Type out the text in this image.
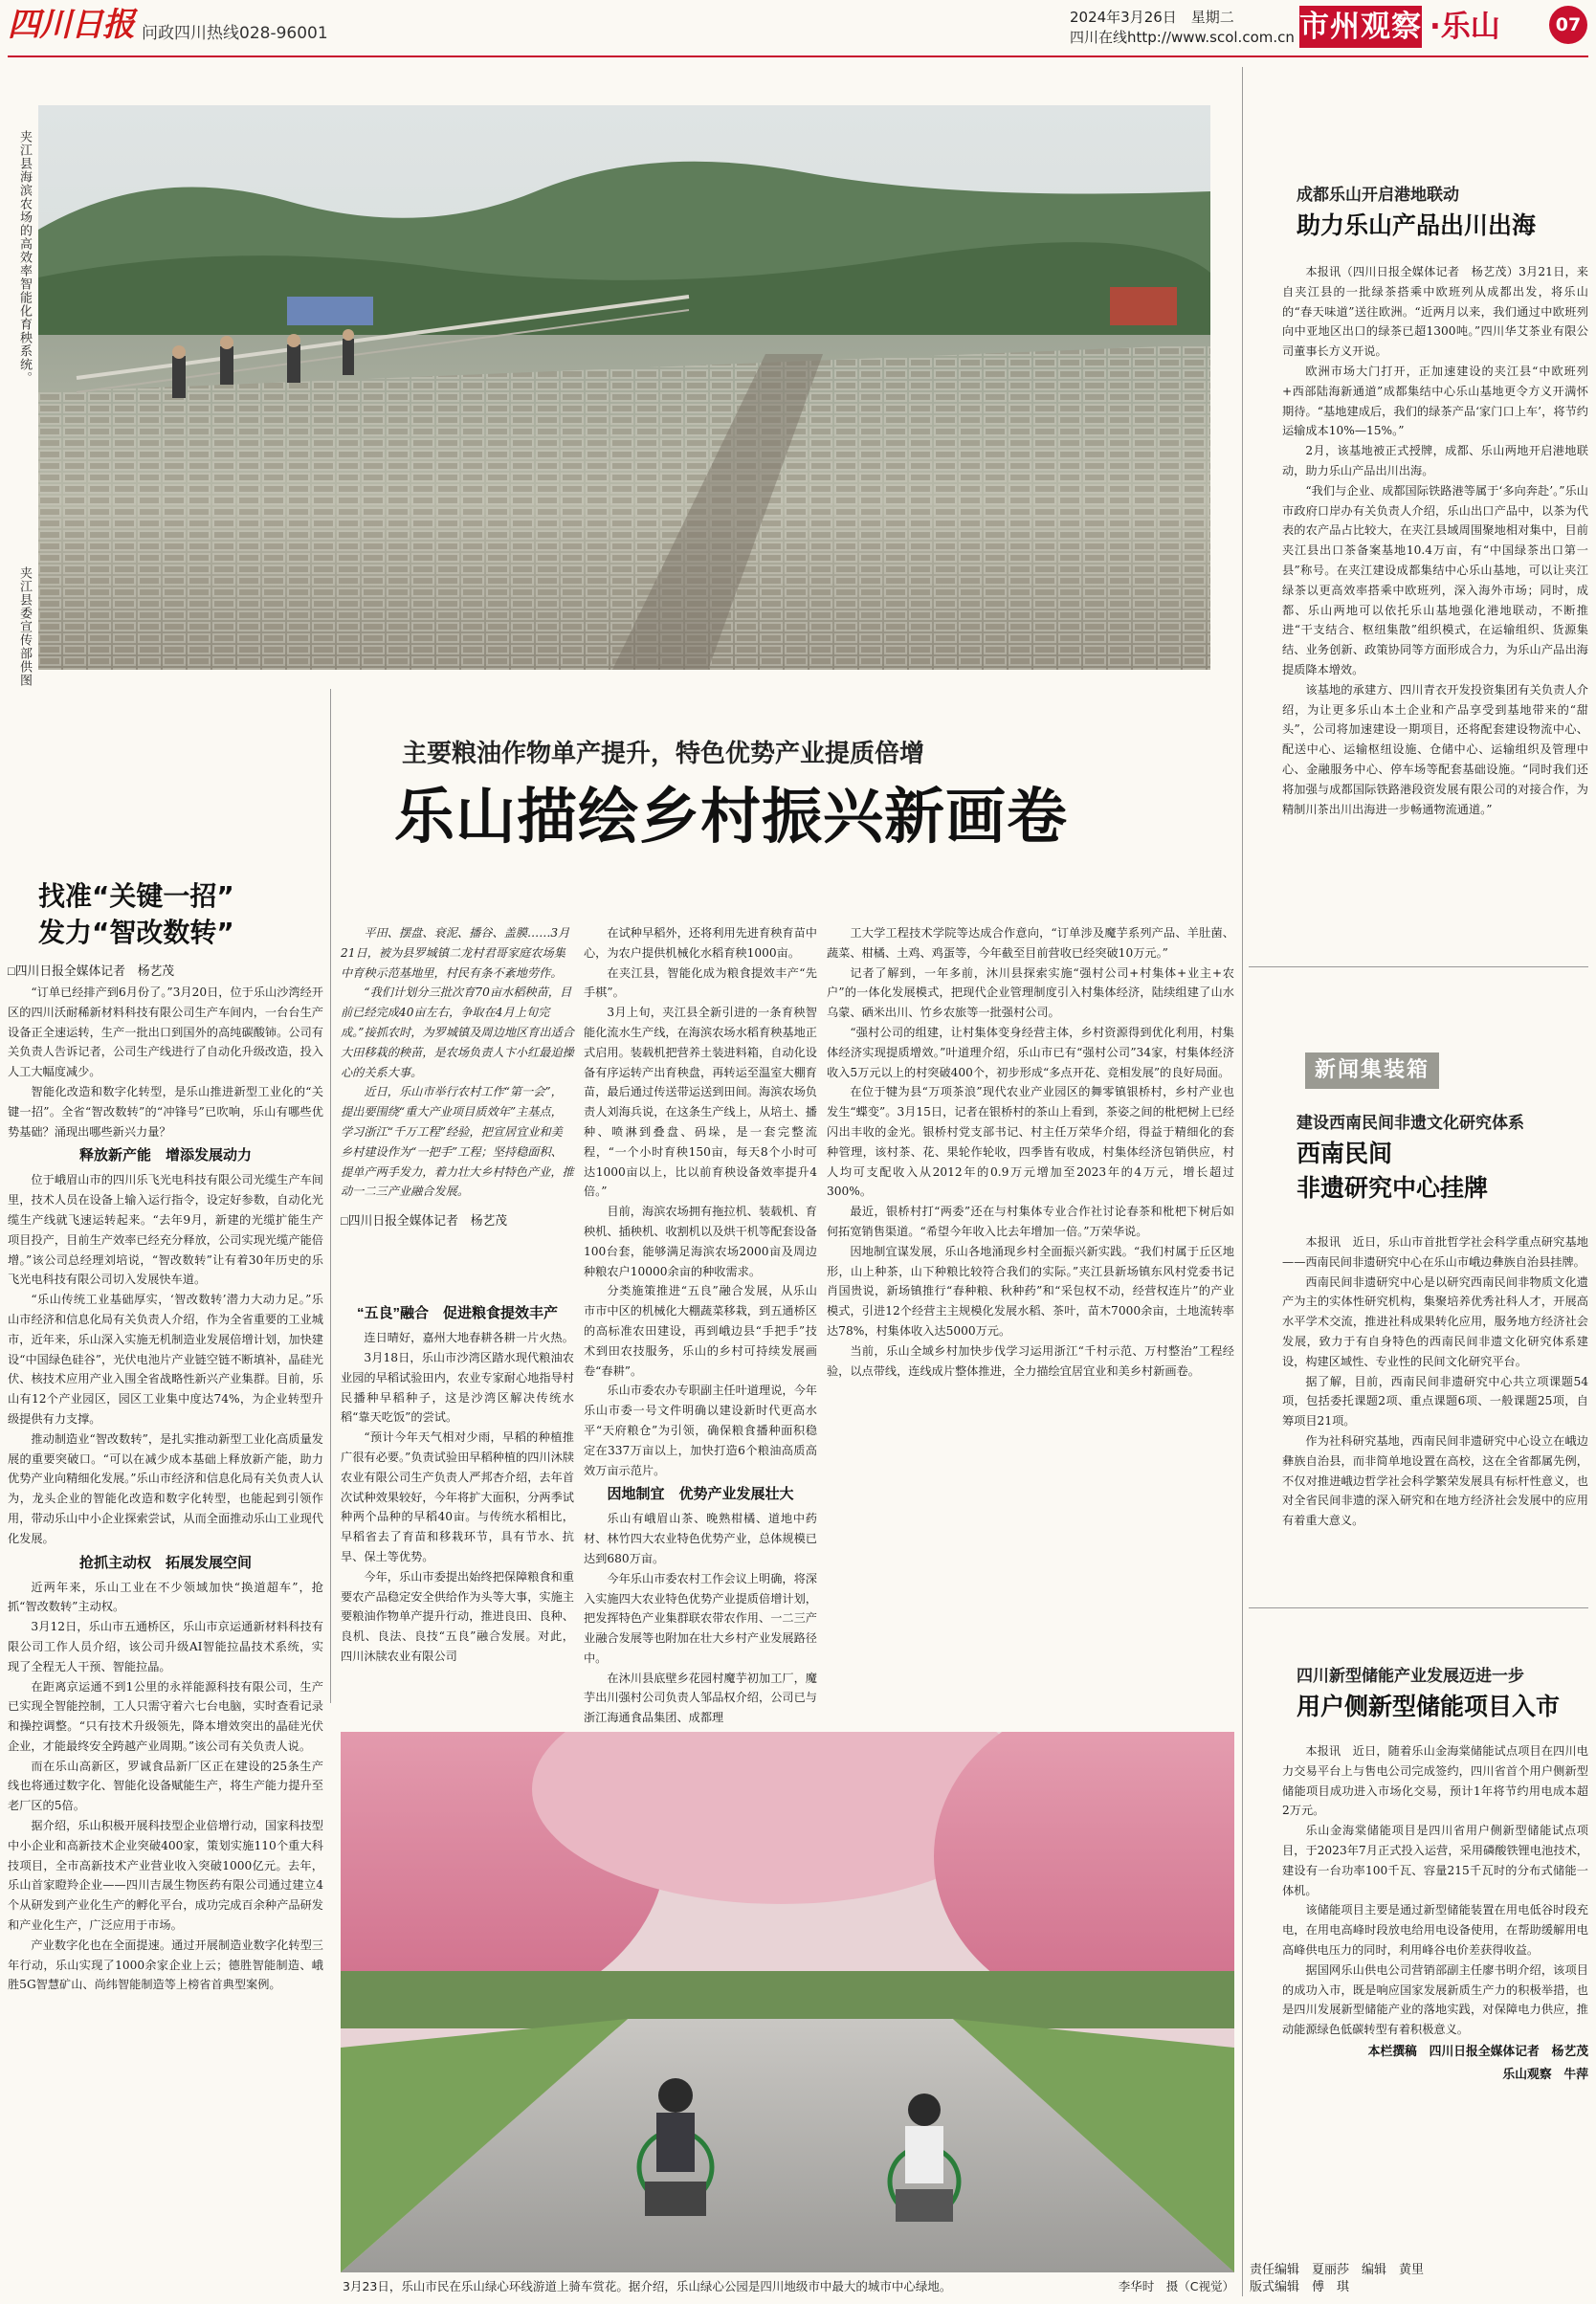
四川日报 问政四川热线028-96001
2024年3月26日　星期二
四川在线http://www.scol.com.cn 市州观察 ·乐山	07
夹江县海滨农场的高效率智能化育秧系统。
夹江县委宣传部供图
主要粮油作物单产提升，特色优势产业提质倍增
乐山描绘乡村振兴新画卷
找准“关键一招”
发力“智改数转”

□四川日报全媒体记者　杨艺茂

“订单已经排产到6月份了。”3月20日，位于乐山沙湾经开区的四川沃耐稀新材料科技有限公司生产车间内，一台台生产设备正全速运转，生产一批出口到国外的高纯碳酸铈。公司有关负责人告诉记者，公司生产线进行了自动化升级改造，投入人工大幅度减少。

智能化改造和数字化转型，是乐山推进新型工业化的“关键一招”。全省“智改数转”的“冲锋号”已吹响，乐山有哪些优势基础？涌现出哪些新兴力量？

释放新产能　增添发展动力

位于峨眉山市的四川乐飞光电科技有限公司光缆生产车间里，技术人员在设备上输入运行指令，设定好参数，自动化光缆生产线就飞速运转起来。“去年9月，新建的光缆扩能生产项目投产，目前生产效率已经充分释放，公司实现光缆产能倍增。”该公司总经理刘培说，“智改数转”让有着30年历史的乐飞光电科技有限公司切入发展快车道。

“乐山传统工业基础厚实，‘智改数转’潜力大动力足。”乐山市经济和信息化局有关负责人介绍，作为全省重要的工业城市，近年来，乐山深入实施无机制造业发展倍增计划，加快建设“中国绿色硅谷”，光伏电池片产业链空链不断填补，晶硅光伏、核技术应用产业入围全省战略性新兴产业集群。目前，乐山有12个产业园区，园区工业集中度达74%，为企业转型升级提供有力支撑。

推动制造业“智改数转”，是扎实推动新型工业化高质量发展的重要突破口。“可以在减少成本基础上释放新产能，助力优势产业向精细化发展。”乐山市经济和信息化局有关负责人认为，龙头企业的智能化改造和数字化转型，也能起到引领作用，带动乐山中小企业探索尝试，从而全面推动乐山工业现代化发展。

抢抓主动权　拓展发展空间

近两年来，乐山工业在不少领域加快“换道超车”，抢抓“智改数转”主动权。

3月12日，乐山市五通桥区，乐山市京运通新材料科技有限公司工作人员介绍，该公司升级AI智能拉晶技术系统，实现了全程无人干预、智能拉晶。

在距离京运通不到1公里的永祥能源科技有限公司，生产已实现全智能控制，工人只需守着六七台电脑，实时查看记录和操控调整。“只有技术升级领先，降本增效突出的晶硅光伏企业，才能最终安全跨越产业周期。”该公司有关负责人说。

而在乐山高新区，罗诚食品新厂区正在建设的25条生产线也将通过数字化、智能化设备赋能生产，将生产能力提升至老厂区的5倍。

据介绍，乐山积极开展科技型企业倍增行动，国家科技型中小企业和高新技术企业突破400家，策划实施110个重大科技项目，全市高新技术产业营业收入突破1000亿元。去年，乐山首家瞪羚企业——四川吉晟生物医药有限公司通过建立4个从研发到产业化生产的孵化平台，成功完成百余种产品研发和产业化生产，广泛应用于市场。

产业数字化也在全面提速。通过开展制造业数字化转型三年行动，乐山实现了1000余家企业上云；德胜智能制造、峨胜5G智慧矿山、尚纬智能制造等上榜省首典型案例。

平田、摆盘、衰泥、播谷、盖膜……3月21日，被为县罗城镇二龙村君哥家庭农场集中育秧示范基地里，村民有条不紊地劳作。

“我们计划分三批次育70亩水稻秧苗，目前已经完成40亩左右，争取在4月上旬完成。”接抓农时，为罗城镇及周边地区育出适合大田移栽的秧苗，是农场负责人卞小红最迫操心的关系大事。

近日，乐山市举行农村工作“第一会”，提出要围绕“重大产业项目质效年”主基点，学习浙江“千万工程”经验，把宣居宜业和美乡村建设作为“一把手”工程；坚持稳面积、提单产两手发力，着力壮大乡村特色产业，推动一二三产业融合发展。

□四川日报全媒体记者　杨艺茂

“五良”融合　促进粮食提效丰产

连日晴好，嘉州大地春耕各耕一片火热。

3月18日，乐山市沙湾区踏水现代粮油农业园的早稻试验田内，农业专家耐心地指导村民播种早稻种子，这是沙湾区解决传统水稻“靠天吃饭”的尝试。

“预计今年天气相对少雨，早稻的种植推广很有必要。”负责试验田早稻种植的四川沐牍农业有限公司生产负责人严邦杏介绍，去年首次试种效果较好，今年将扩大面积，分两季试种两个品种的早稻40亩。与传统水稻相比，早稻省去了育苗和移栽环节，具有节水、抗旱、保土等优势。

今年，乐山市委提出始终把保障粮食和重要农产品稳定安全供给作为头等大事，实施主要粮油作物单产提升行动，推进良田、良种、良机、良法、良技“五良”融合发展。对此，四川沐牍农业有限公司

在试种早稻外，还将利用先进育秧育苗中心，为农户提供机械化水稻育秧1000亩。

在夹江县，智能化成为粮食提效丰产“先手棋”。

3月上旬，夹江县全新引进的一条育秧智能化流水生产线，在海滨农场水稻育秧基地正式启用。装载机把营养土装进料箱，自动化设备有序运转产出育秧盘，再转运至温室大棚育苗，最后通过传送带运送到田间。海滨农场负责人刘海兵说，在这条生产线上，从培土、播种、喷淋到叠盘、码垛，是一套完整流程，“一个小时育秧150亩，每天8个小时可达1000亩以上，比以前育秧设备效率提升4倍。”

目前，海滨农场拥有拖拉机、装载机、育秧机、插秧机、收割机以及烘干机等配套设备100台套，能够满足海滨农场2000亩及周边种粮农户10000余亩的种收需求。

分类施策推进“五良”融合发展，从乐山市市中区的机械化大棚蔬菜移栽，到五通桥区的高标准农田建设，再到峨边县“手把手”技术到田农技服务，乐山的乡村可持续发展画卷“春耕”。

乐山市委农办专职副主任叶道理说，今年乐山市委一号文件明确以建设新时代更高水平“天府粮仓”为引领，确保粮食播种面积稳定在337万亩以上，加快打造6个粮油高质高效万亩示范片。

因地制宜　优势产业发展壮大

乐山有峨眉山茶、晚熟柑橘、道地中药材、林竹四大农业特色优势产业，总体规模已达到680万亩。

今年乐山市委农村工作会议上明确，将深入实施四大农业特色优势产业提质倍增计划，把发挥特色产业集群联农带农作用、一二三产业融合发展等也附加在壮大乡村产业发展路径中。

在沐川县底壁乡花园村魔芋初加工厂，魔芋出川强村公司负责人邹品权介绍，公司已与浙江海通食品集团、成都理

工大学工程技术学院等达成合作意向，“订单涉及魔芋系列产品、羊肚菌、蔬菜、柑橘、土鸡、鸡蛋等，今年截至目前营收已经突破10万元。”

记者了解到，一年多前，沐川县探索实施“强村公司+村集体+业主+农户”的一体化发展模式，把现代企业管理制度引入村集体经济，陆续组建了山水乌蒙、硒米出川、竹乡农旅等一批强村公司。

“强村公司的组建，让村集体变身经营主体，乡村资源得到优化利用，村集体经济实现提质增效。”叶道理介绍，乐山市已有“强村公司”34家，村集体经济收入5万元以上的村突破400个，初步形成“多点开花、竞相发展”的良好局面。

在位于犍为县“万项茶浪”现代农业产业园区的舞零镇银桥村，乡村产业也发生“蝶变”。3月15日，记者在银桥村的茶山上看到，茶姿之间的枇杷树上已经闪出丰收的金光。银桥村党支部书记、村主任万荣华介绍，得益于精细化的套种管理，该村茶、花、果轮作轮收，四季皆有收成，村集体经济包销供应，村人均可支配收入从2012年的0.9万元增加至2023年的4万元，增长超过300%。

最近，银桥村打“两委”还在与村集体专业合作社讨论春茶和枇杷下树后如何拓宽销售渠道。“希望今年收入比去年增加一倍。”万荣华说。

因地制宜谋发展，乐山各地涌现乡村全面振兴新实践。“我们村属于丘区地形，山上种茶，山下种粮比较符合我们的实际。”夹江县新场镇东风村党委书记肖国贵说，新场镇推行“春种粮、秋种药”和“采包权不动，经营权连片”的产业模式，引进12个经营主主规模化发展水稻、茶叶，苗木7000余亩，土地流转率达78%，村集体收入达5000万元。

当前，乐山全域乡村加快步伐学习运用浙江“千村示范、万村整治”工程经验，以点带线，连线成片整体推进，全力描绘宜居宜业和美乡村新画卷。

3月23日，乐山市民在乐山绿心环线游道上骑车赏花。据介绍，乐山绿心公园是四川地级市中最大的城市中心绿地。	李华时　摄（C视觉）
成都乐山开启港地联动
助力乐山产品出川出海

本报讯（四川日报全媒体记者　杨艺茂）3月21日，来自夹江县的一批绿茶搭乘中欧班列从成都出发，将乐山的“春天味道”送往欧洲。“近两月以来，我们通过中欧班列向中亚地区出口的绿茶已超1300吨。”四川华艾茶业有限公司董事长方义开说。

欧洲市场大门打开，正加速建设的夹江县“中欧班列+西部陆海新通道”成都集结中心乐山基地更令方义开满怀期待。“基地建成后，我们的绿茶产品‘家门口上车’，将节约运输成本10%—15%。”

2月，该基地被正式授牌，成都、乐山两地开启港地联动，助力乐山产品出川出海。

“我们与企业、成都国际铁路港等属于‘多向奔赴’。”乐山市政府口岸办有关负责人介绍，乐山出口产品中，以茶为代表的农产品占比较大，在夹江县域周围聚地相对集中，目前夹江县出口茶备案基地10.4万亩，有“中国绿茶出口第一县”称号。在夹江建设成都集结中心乐山基地，可以让夹江绿茶以更高效率搭乘中欧班列，深入海外市场；同时，成都、乐山两地可以依托乐山基地强化港地联动，不断推进“干支结合、枢纽集散”组织模式，在运输组织、货源集结、业务创新、政策协同等方面形成合力，为乐山产品出海提质降本增效。

该基地的承建方、四川青衣开发投资集团有关负责人介绍，为让更多乐山本土企业和产品享受到基地带来的“甜头”，公司将加速建设一期项目，还将配套建设物流中心、配送中心、运输枢纽设施、仓储中心、运输组织及管理中心、金融服务中心、停车场等配套基础设施。“同时我们还将加强与成都国际铁路港段资发展有限公司的对接合作，为精制川茶出川出海进一步畅通物流通道。”

新闻集装箱
建设西南民间非遗文化研究体系
西南民间
非遗研究中心挂牌

本报讯　近日，乐山市首批哲学社会科学重点研究基地——西南民间非遗研究中心在乐山市峨边彝族自治县挂牌。

西南民间非遗研究中心是以研究西南民间非物质文化遗产为主的实体性研究机构，集聚培养优秀社科人才，开展高水平学术交流，推进社科成果转化应用，服务地方经济社会发展，致力于有自身特色的西南民间非遗文化研究体系建设，构建区域性、专业性的民间文化研究平台。

据了解，目前，西南民间非遗研究中心共立项课题54项，包括委托课题2项、重点课题6项、一般课题25项，自筹项目21项。

作为社科研究基地，西南民间非遗研究中心设立在峨边彝族自治县，而非简单地设置在高校，这在全省都属先例，不仅对推进峨边哲学社会科学繁荣发展具有标杆性意义，也对全省民间非遗的深入研究和在地方经济社会发展中的应用有着重大意义。

四川新型储能产业发展迈进一步
用户侧新型储能项目入市

本报讯　近日，随着乐山金海棠储能试点项目在四川电力交易平台上与售电公司完成签约，四川省首个用户侧新型储能项目成功进入市场化交易，预计1年将节约用电成本超2万元。

乐山金海棠储能项目是四川省用户侧新型储能试点项目，于2023年7月正式投入运营，采用磷酸铁锂电池技术，建设有一台功率100千瓦、容量215千瓦时的分布式储能一体机。

该储能项目主要是通过新型储能装置在用电低谷时段充电，在用电高峰时段放电给用电设备使用，在帮助缓解用电高峰供电压力的同时，利用峰谷电价差获得收益。

据国网乐山供电公司营销部副主任廖书明介绍，该项目的成功入市，既是响应国家发展新质生产力的积极举措，也是四川发展新型储能产业的落地实践，对保障电力供应，推动能源绿色低碳转型有着积极意义。

本栏撰稿　四川日报全媒体记者　杨艺茂

乐山观察　牛萍

责任编辑　夏丽莎　编辑　黄里
版式编辑　傅　琪
